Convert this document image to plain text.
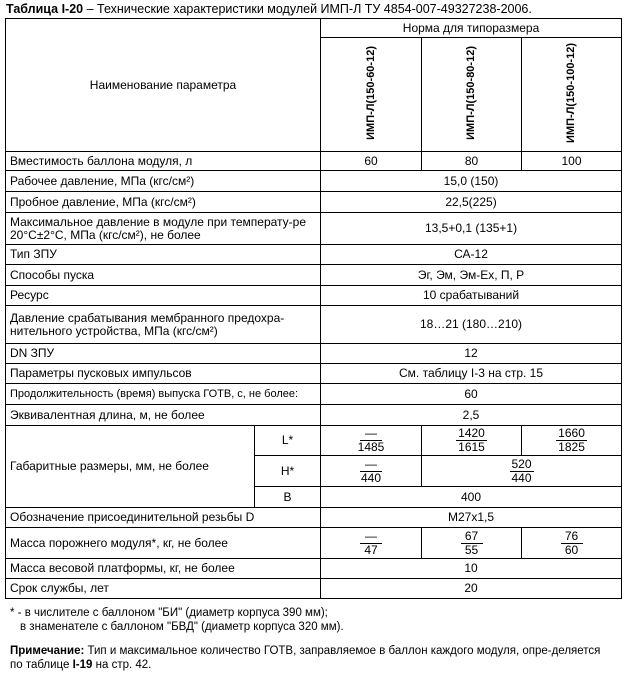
Таблица I-20 – Технические характеристики модулей ИМП-Л ТУ 4854-007-49327238-2006.
Наименование параметра		Норма для типоразмера		
		ИМП-Л(150-60-12)	ИМП-Л(150-80-12)	ИМП-Л(150-100-12)
Вместимость баллона модуля, л		60	80	100
Рабочее давление, МПа (кгс/см²)		15,0 (150)		
Пробное давление, МПа (кгс/см²)		22,5(225)		
Максимальное давление в модуле при температу-ре 20°С±2°С, МПа (кгс/см²), не более		13,5+0,1 (135+1)		
Тип ЗПУ		СА-12		
Способы пуска		Эг, Эм, Эм-Ех, П, Р		
Ресурс		10 срабатываний		
Давление срабатывания мембранного предохра-нительного устройства, МПа (кгс/см²)		18…21 (180…210)		
DN ЗПУ		12		
Параметры пусковых импульсов		См. таблицу I-3 на стр. 15		
Продолжительность (время) выпуска ГОТВ, с, не более:		60		
Эквивалентная длина, м, не более		2,5		
Габаритные размеры, мм, не более	L*	$\frac{—}{1485}$	$\frac{1420}{1615}$	$\frac{1660}{1825}$

	H*	$\frac{—}{440}$	$\frac{520}{440}$

	B	400		
Обозначение присоединительной резьбы D		M27x1,5		
Масса порожнего модуля*, кг, не более		$\frac{—}{47}$	$\frac{67}{55}$	$\frac{76}{60}$

Масса весовой платформы, кг, не более		10		
Срок службы, лет		20		

* - в числителе с баллоном "БИ" (диаметр корпуса 390 мм);

в знаменателе с баллоном "БВД" (диаметр корпуса 320 мм).

Примечание: Тип и максимальное количество ГОТВ, заправляемое в баллон каждого модуля, опре-деляется по таблице I-19 на стр. 42.
